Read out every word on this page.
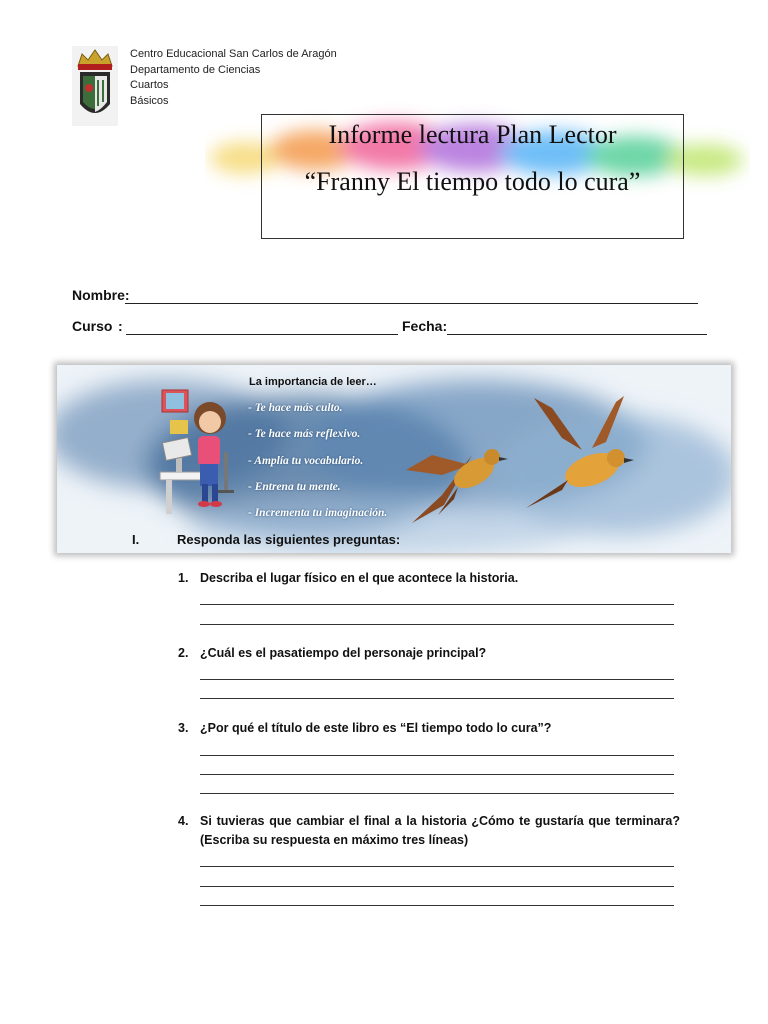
Centro Educacional San Carlos de Aragón
Departamento de Ciencias
Cuartos
Básicos
Informe lectura Plan Lector
“Franny El tiempo todo lo cura”
Nombre:
Curso :	Fecha:
La importancia de leer…
- Te hace más culto.
- Te hace más reflexivo.
- Amplía tu vocabulario.
- Entrena tu mente.
- Incrementa tu imaginación.
I.	Responda las siguientes preguntas:
1. Describa el lugar físico en el que acontece la historia.
2. ¿Cuál es el pasatiempo del personaje principal?
3. ¿Por qué el título de este libro es “El tiempo todo lo cura”?
4. Si tuvieras que cambiar el final a la historia ¿Cómo te gustaría que terminara? (Escriba su respuesta en máximo tres líneas)
